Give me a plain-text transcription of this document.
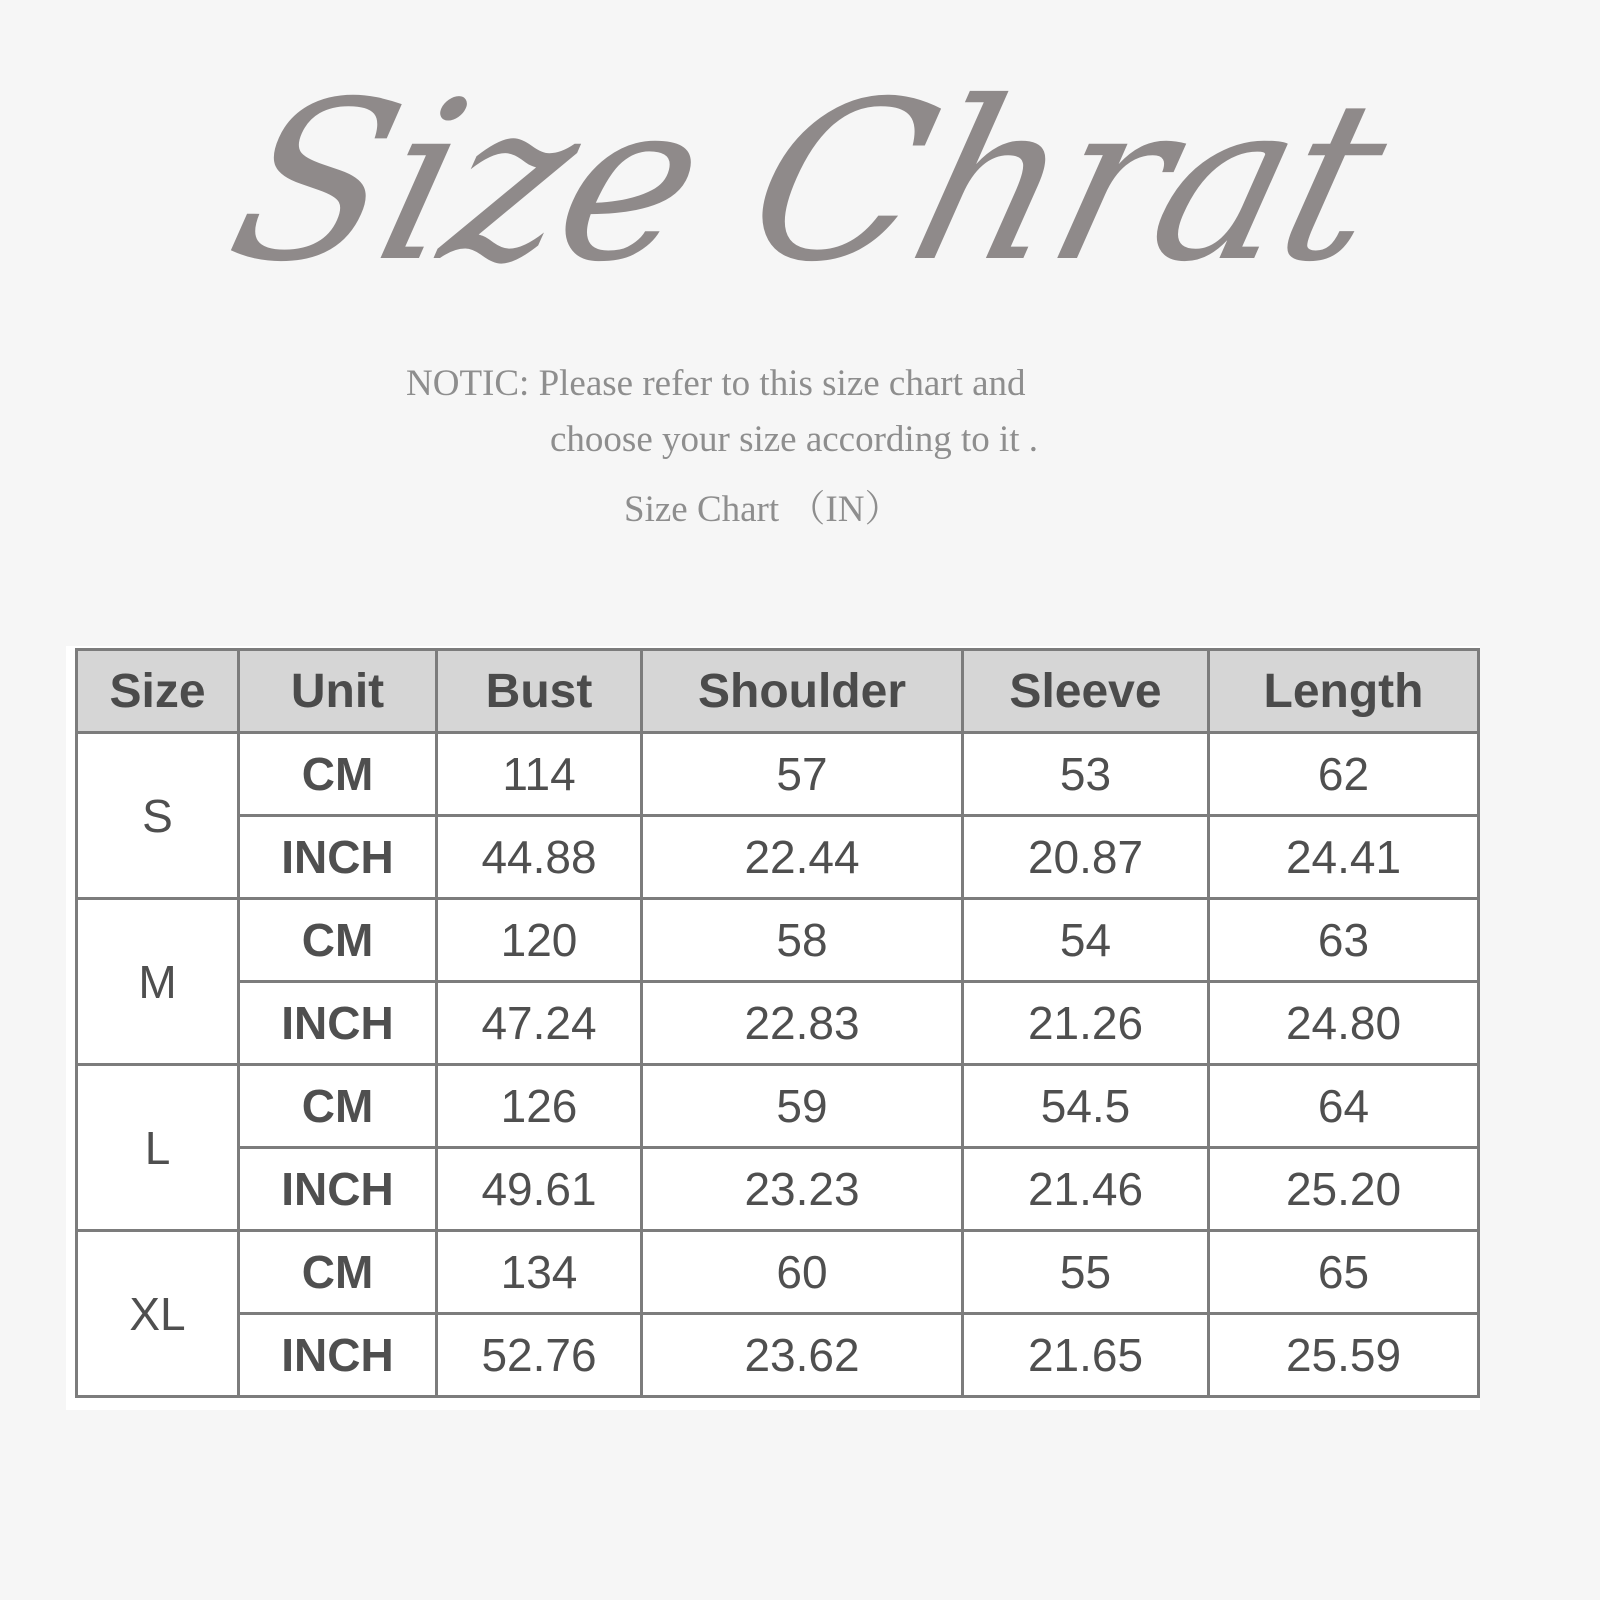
Size Chrat
NOTIC: Please refer to this size chart and
choose your size according to it .
Size Chart （IN）
Size	Unit	Bust	Shoulder	Sleeve	Length
S	CM	114	57	53	62
	INCH	44.88	22.44	20.87	24.41
M	CM	120	58	54	63
	INCH	47.24	22.83	21.26	24.80
L	CM	126	59	54.5	64
	INCH	49.61	23.23	21.46	25.20
XL	CM	134	60	55	65
	INCH	52.76	23.62	21.65	25.59
